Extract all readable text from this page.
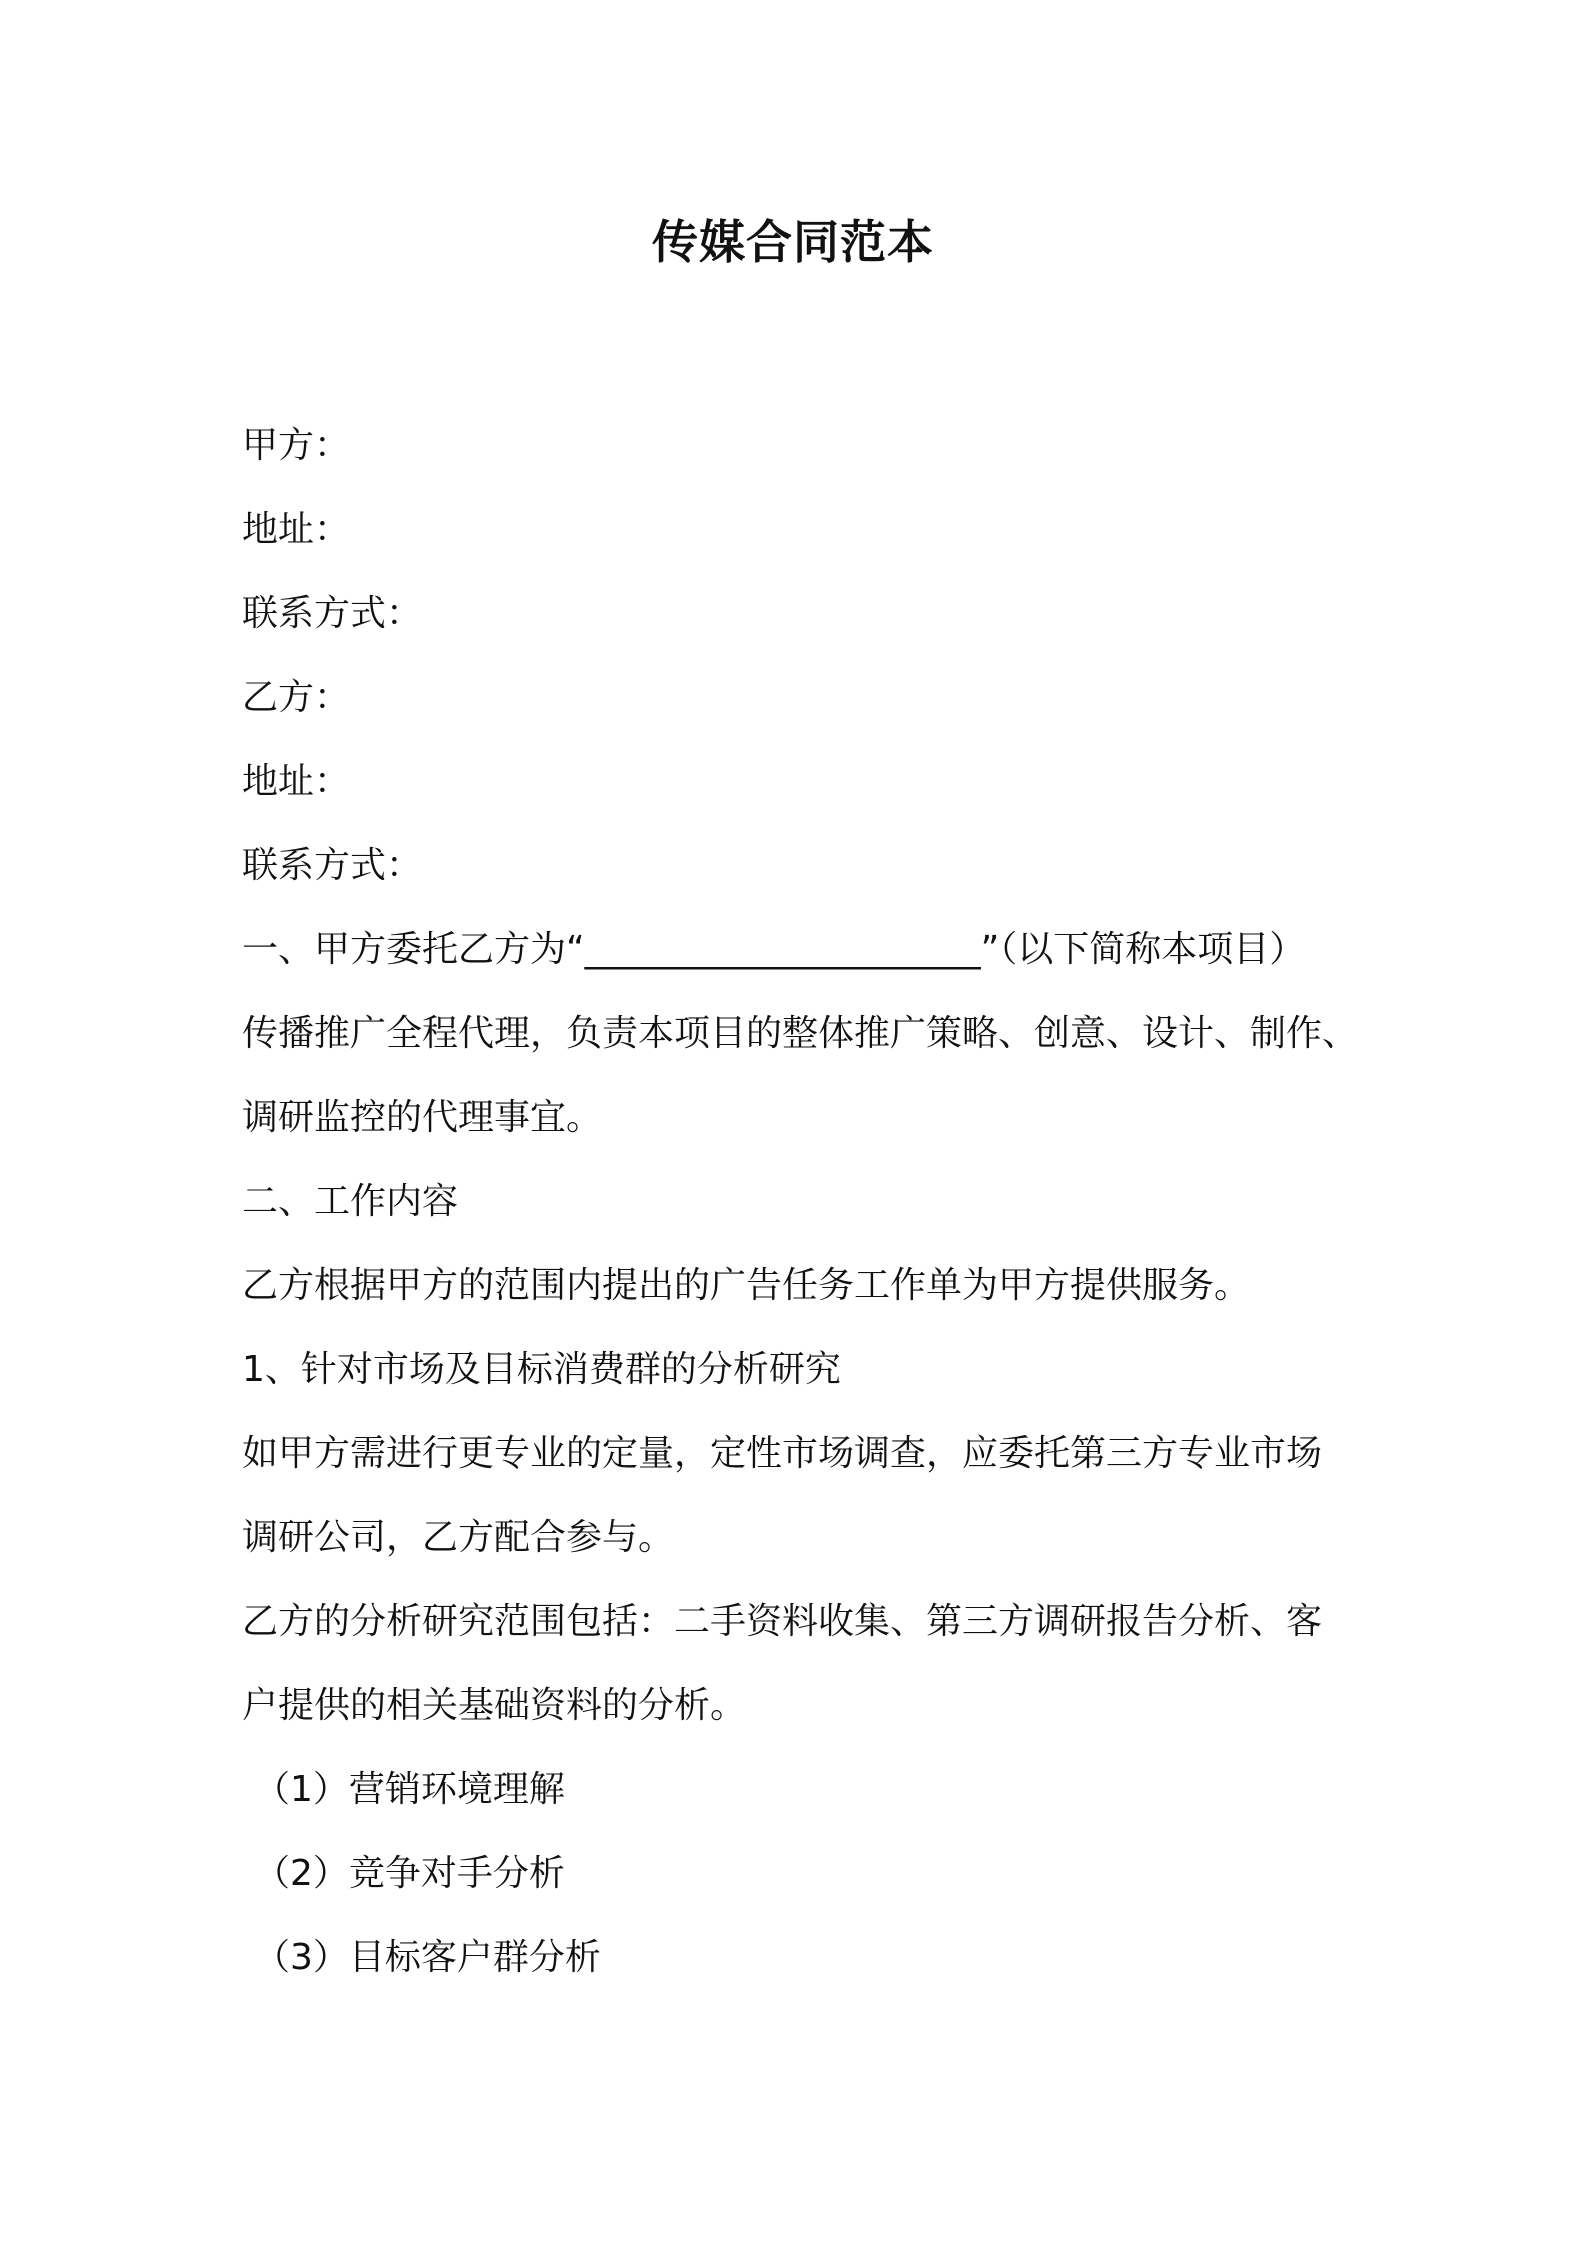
传媒合同范本

甲方：

地址：

联系方式：

乙方：

地址：

联系方式：

一、甲方委托乙方为“______________________”（以下简称本项目）

传播推广全程代理，负责本项目的整体推广策略、创意、设计、制作、

调研监控的代理事宜。

二、工作内容

乙方根据甲方的范围内提出的广告任务工作单为甲方提供服务。

1、针对市场及目标消费群的分析研究

如甲方需进行更专业的定量，定性市场调查，应委托第三方专业市场

调研公司，乙方配合参与。

乙方的分析研究范围包括：二手资料收集、第三方调研报告分析、客

户提供的相关基础资料的分析。

（1）营销环境理解

（2）竞争对手分析

（3）目标客户群分析
